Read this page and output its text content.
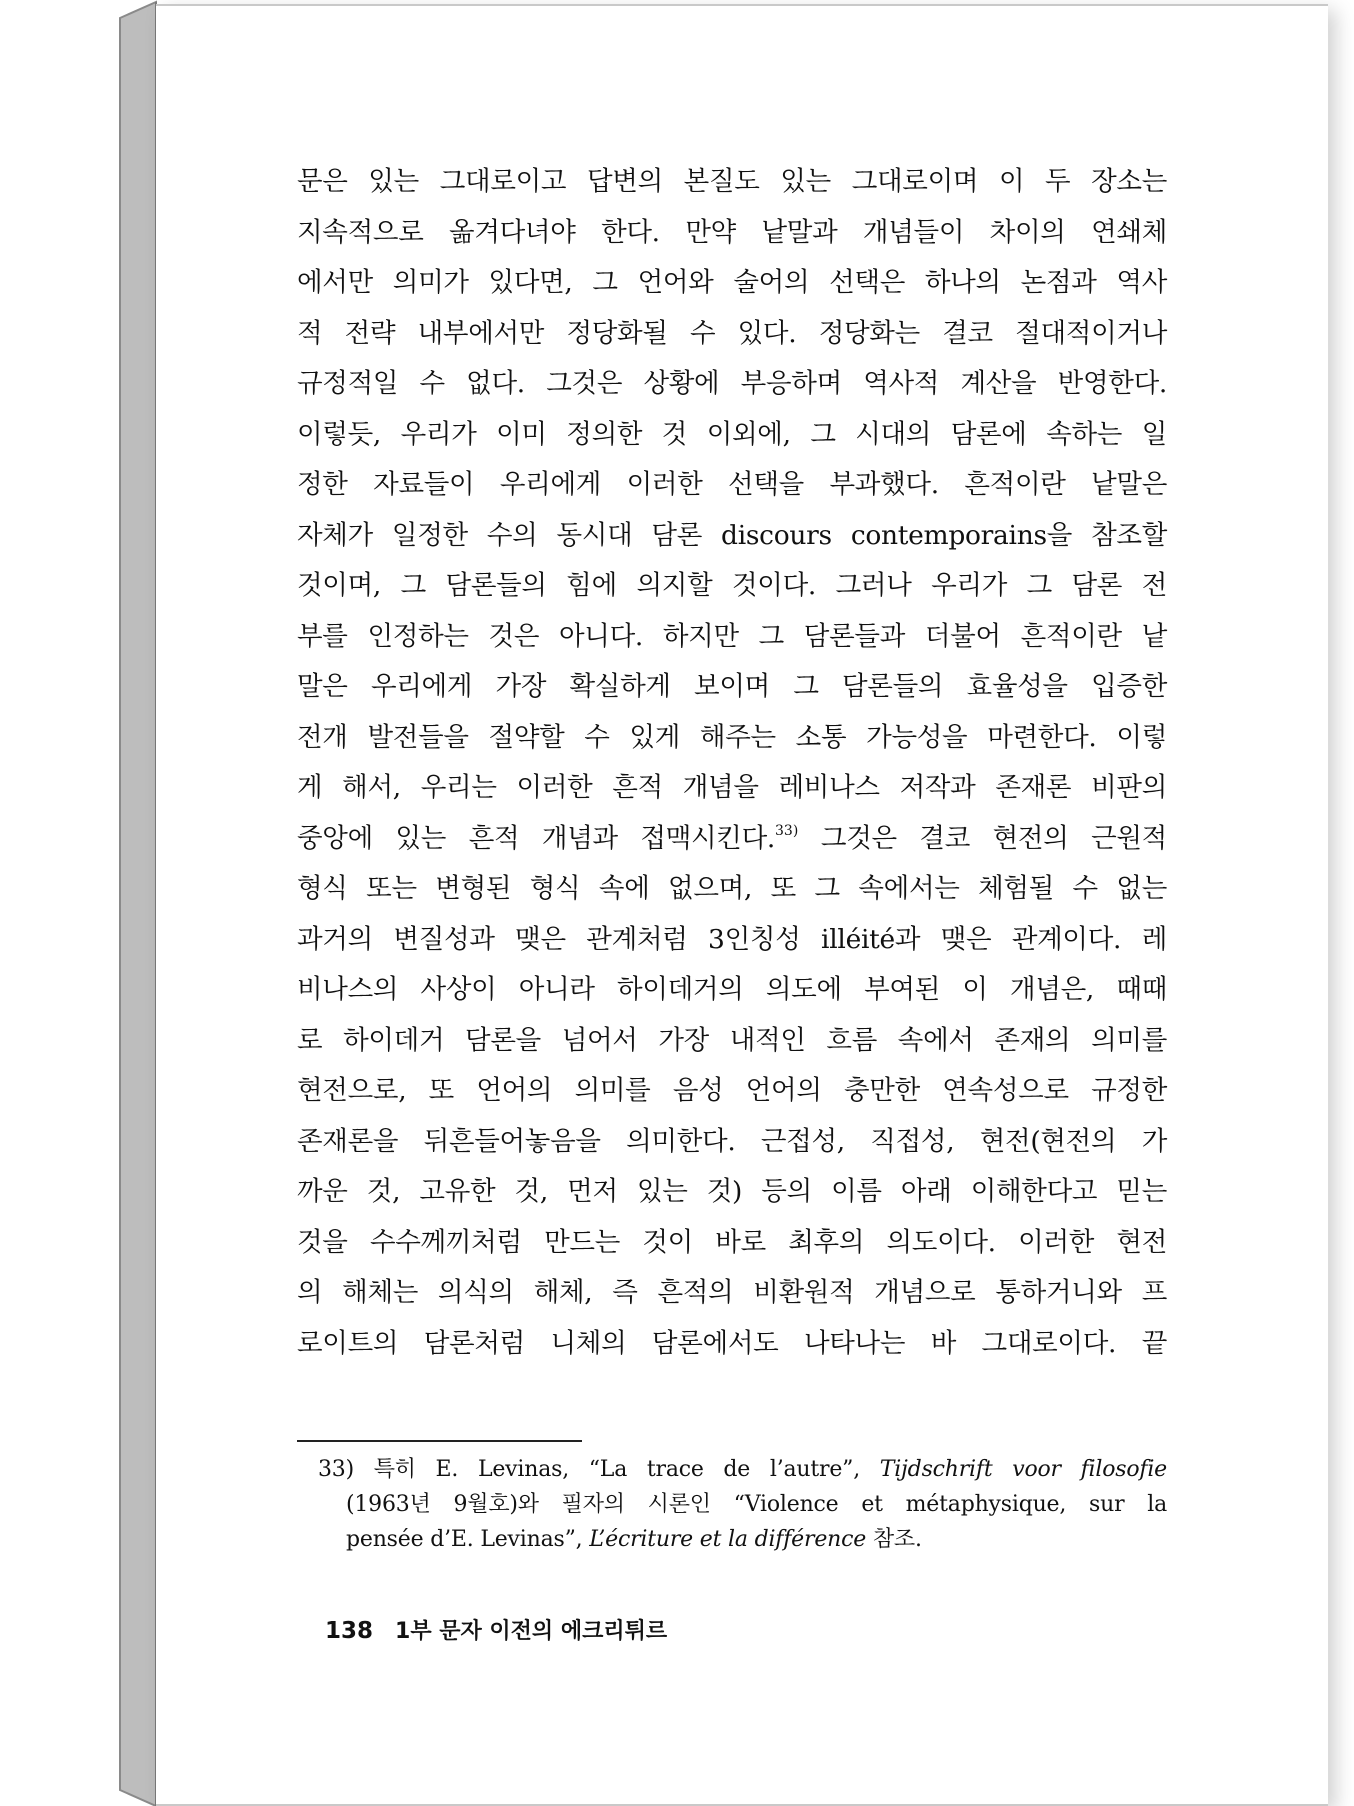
문은 있는 그대로이고 답변의 본질도 있는 그대로이며 이 두 장소는
지속적으로 옮겨다녀야 한다. 만약 낱말과 개념들이 차이의 연쇄체
에서만 의미가 있다면, 그 언어와 술어의 선택은 하나의 논점과 역사
적 전략 내부에서만 정당화될 수 있다. 정당화는 결코 절대적이거나
규정적일 수 없다. 그것은 상황에 부응하며 역사적 계산을 반영한다.
이렇듯, 우리가 이미 정의한 것 이외에, 그 시대의 담론에 속하는 일
정한 자료들이 우리에게 이러한 선택을 부과했다. 흔적이란 낱말은
자체가 일정한 수의 동시대 담론 discours contemporains을 참조할
것이며, 그 담론들의 힘에 의지할 것이다. 그러나 우리가 그 담론 전
부를 인정하는 것은 아니다. 하지만 그 담론들과 더불어 흔적이란 낱
말은 우리에게 가장 확실하게 보이며 그 담론들의 효율성을 입증한
전개 발전들을 절약할 수 있게 해주는 소통 가능성을 마련한다. 이렇
게 해서, 우리는 이러한 흔적 개념을 레비나스 저작과 존재론 비판의
중앙에 있는 흔적 개념과 접맥시킨다.$^{33)}$ 그것은 결코 현전의 근원적
형식 또는 변형된 형식 속에 없으며, 또 그 속에서는 체험될 수 없는
과거의 변질성과 맺은 관계처럼 3인칭성 illéité과 맺은 관계이다. 레
비나스의 사상이 아니라 하이데거의 의도에 부여된 이 개념은, 때때
로 하이데거 담론을 넘어서 가장 내적인 흐름 속에서 존재의 의미를
현전으로, 또 언어의 의미를 음성 언어의 충만한 연속성으로 규정한
존재론을 뒤흔들어놓음을 의미한다. 근접성, 직접성, 현전(현전의 가
까운 것, 고유한 것, 먼저 있는 것) 등의 이름 아래 이해한다고 믿는
것을 수수께끼처럼 만드는 것이 바로 최후의 의도이다. 이러한 현전
의 해체는 의식의 해체, 즉 흔적의 비환원적 개념으로 통하거니와 프
로이트의 담론처럼 니체의 담론에서도 나타나는 바 그대로이다. 끝
33) 특히 E. Levinas, “La trace de l’autre”, Tijdschrift voor filosofie
(1963년 9월호)와 필자의 시론인 “Violence et métaphysique, sur la
pensée d’E. Levinas”, L’écriture et la différence 참조.
138 1부 문자 이전의 에크리튀르
